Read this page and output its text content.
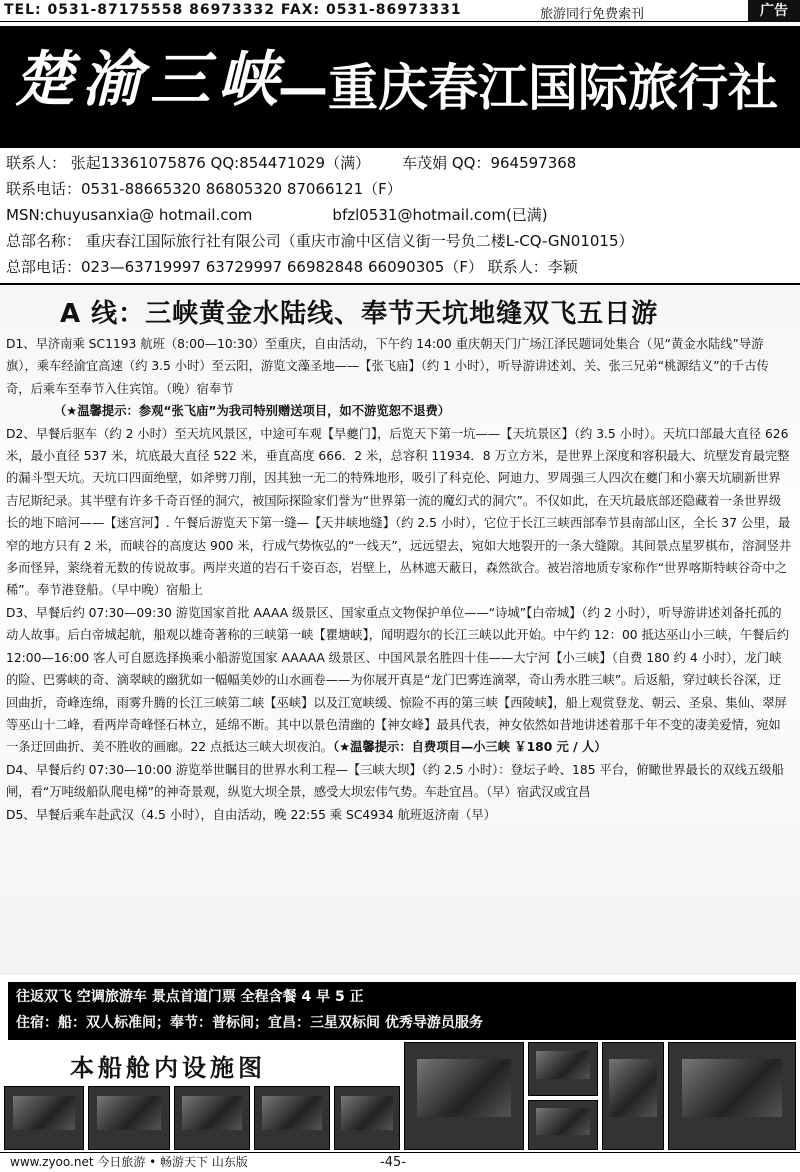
TEL: 0531-87175558 86973332 FAX: 0531-86973331	旅游同行免费索刊	广告
楚渝三峡
—重庆春江国际旅行社
联系人： 张起13361075876 QQ:854471029（满） 车茂娟 QQ：964597368
联系电话：0531-88665320 86805320 87066121（F）
MSN:chuyusanxia@ hotmail.com	bfzl0531@hotmail.com(已满)
总部名称： 重庆春江国际旅行社有限公司（重庆市渝中区信义街一号负二楼L-CQ-GN01015）
总部电话：023—63719997 63729997 66982848 66090305（F） 联系人：李颖
A 线：三峡黄金水陆线、奉节天坑地缝双飞五日游

D1、早济南乘 SC1193 航班（8:00—10:30）至重庆，自由活动，下午约 14:00 重庆朝天门广场江泽民题词处集合（见“黄金水陆线”导游旗），乘车经渝宜高速（约 3.5 小时）至云阳，游览文藻圣地——【张飞庙】（约 1 小时），听导游讲述刘、关、张三兄弟“桃源结义”的千古传奇，后乘车至奉节入住宾馆。（晚）宿奉节

（★温馨提示：参观“张飞庙”为我司特别赠送项目，如不游览恕不退费）

D2、早餐后驱车（约 2 小时）至天坑风景区，中途可车观【旱夔门】，后览天下第一坑——【天坑景区】（约 3.5 小时）。天坑口部最大直径 626 米，最小直径 537 米，坑底最大直径 522 米，垂直高度 666．2 米，总容积 11934．8 万立方米，是世界上深度和容积最大、坑壁发育最完整的漏斗型天坑。天坑口四面绝壁，如斧劈刀削，因其独一无二的特殊地形，吸引了科克伦、阿迪力、罗周强三人四次在夔门和小寨天坑刷新世界吉尼斯纪录。其半壁有许多千奇百怪的洞穴，被国际探险家们誉为“世界第一流的魔幻式的洞穴”。不仅如此，在天坑最底部还隐藏着一条世界级长的地下暗河——【迷宫河】. 午餐后游览天下第一缝—【天井峡地缝】（约 2.5 小时），它位于长江三峡西部奉节县南部山区，全长 37 公里，最窄的地方只有 2 米，而峡谷的高度达 900 米，行成气势恢弘的“一线天”，远远望去，宛如大地裂开的一条大缝隙。其间景点星罗棋布，溶洞竖井多而怪异，萦绕着无数的传说故事。两岸夹道的岩石千姿百态，岩壁上，丛林遮天蔽日，森然欲合。被岩溶地质专家称作“世界喀斯特峡谷奇中之稀”。奉节港登船。（早中晚）宿船上

D3、早餐后约 07:30—09:30 游览国家首批 AAAA 级景区、国家重点文物保护单位——“诗城”【白帝城】（约 2 小时），听导游讲述刘备托孤的动人故事。后白帝城起航，船观以雄奇著称的三峡第一峡【瞿塘峡】，闻明遐尔的长江三峡以此开始。中午约 12：00 抵达巫山小三峡，午餐后约 12:00—16:00 客人可自愿选择换乘小船游览国家 AAAAA 级景区、中国风景名胜四十佳——大宁河【小三峡】（自费 180 约 4 小时），龙门峡的险、巴雾峡的奇、滴翠峡的幽犹如一幅幅美妙的山水画卷——为你展开真是“龙门巴雾连滴翠，奇山秀水胜三峡”。后返船，穿过峡长谷深，迂回曲折，奇峰连绵，雨雾升腾的长江三峡第二峡【巫峡】以及江宽峡缓、惊险不再的第三峡【西陵峡】，船上观赏登龙、朝云、圣泉、集仙、翠屏等巫山十二峰，看两岸奇峰怪石林立，延绵不断。其中以景色清幽的【神女峰】最具代表，神女依然如昔地讲述着那千年不变的凄美爱情，宛如一条迂回曲折、美不胜收的画廊。22 点抵达三峡大坝夜泊。（★温馨提示：自费项目—小三峡 ￥180 元 / 人）

D4、早餐后约 07:30—10:00 游览举世瞩目的世界水利工程—【三峡大坝】（约 2.5 小时）：登坛子岭、185 平台，俯瞰世界最长的双线五级船闸，看“万吨级船队爬电梯”的神奇景观，纵览大坝全景，感受大坝宏伟气势。车赴宜昌。（早）宿武汉或宜昌

D5、早餐后乘车赴武汉（4.5 小时），自由活动，晚 22:55 乘 SC4934 航班返济南（早）

往返双飞 空调旅游车 景点首道门票 全程含餐 4 早 5 正
住宿：船：双人标准间；奉节：普标间；宜昌：三星双标间 优秀导游员服务
本船舱内设施图
www.zyoo.net 今日旅游 • 畅游天下 山东版	-45-
